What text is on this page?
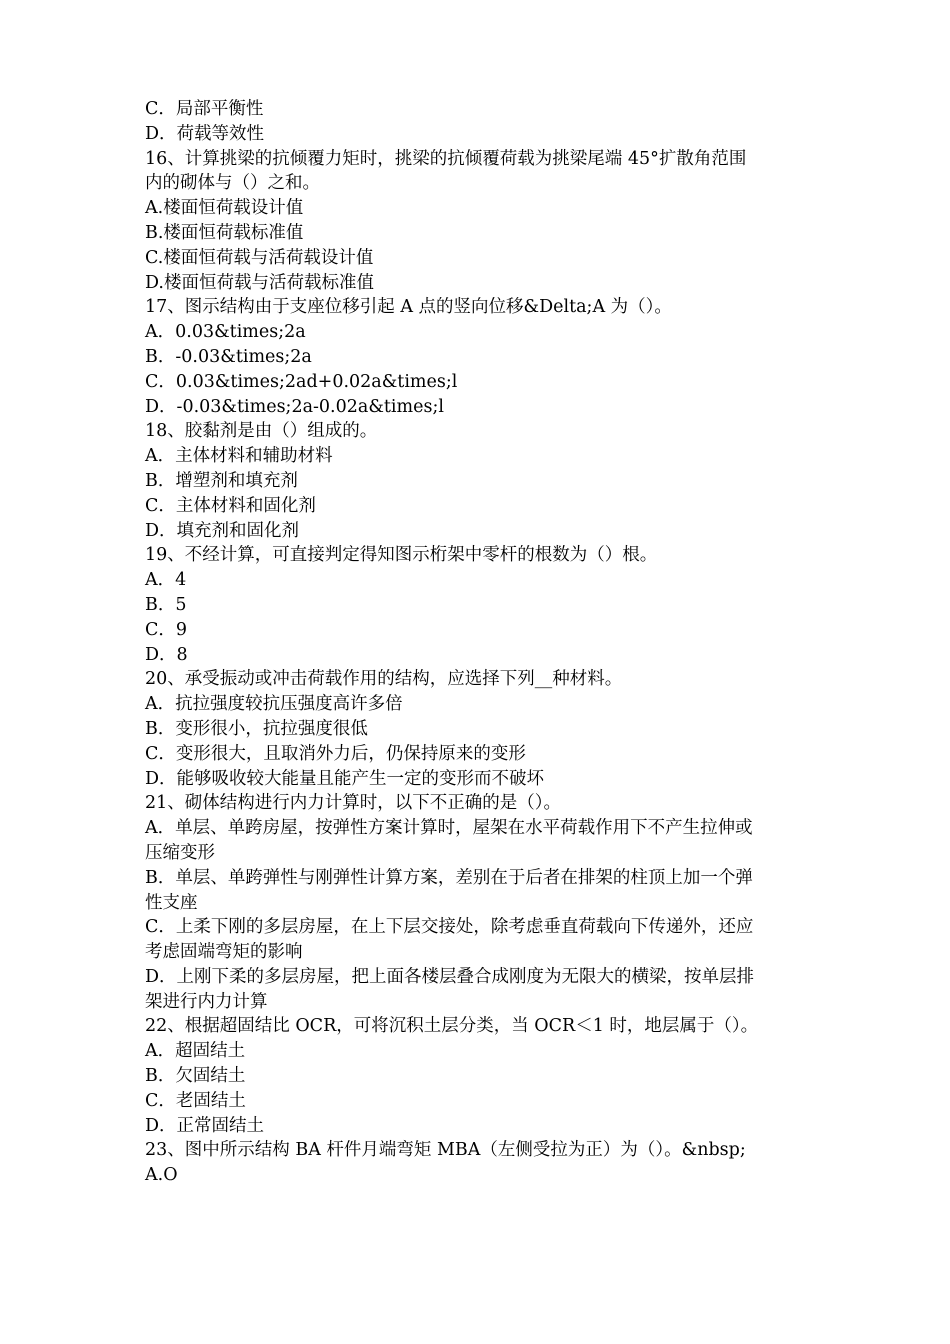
C．局部平衡性
D．荷载等效性
16、计算挑梁的抗倾覆力矩时，挑梁的抗倾覆荷载为挑梁尾端 45°扩散角范围
内的砌体与（）之和。
A.楼面恒荷载设计值
B.楼面恒荷载标准值
C.楼面恒荷载与活荷载设计值
D.楼面恒荷载与活荷载标准值
17、图示结构由于支座位移引起 A 点的竖向位移&Delta;A 为（）。
A．0.03&times;2a
B．-0.03&times;2a
C．0.03&times;2ad+0.02a&times;l
D．-0.03&times;2a-0.02a&times;l
18、胶黏剂是由（）组成的。
A．主体材料和辅助材料
B．增塑剂和填充剂
C．主体材料和固化剂
D．填充剂和固化剂
19、不经计算，可直接判定得知图示桁架中零杆的根数为（）根。
A．4
B．5
C．9
D．8
20、承受振动或冲击荷载作用的结构，应选择下列__种材料。
A．抗拉强度较抗压强度高许多倍
B．变形很小，抗拉强度很低
C．变形很大，且取消外力后，仍保持原来的变形
D．能够吸收较大能量且能产生一定的变形而不破坏
21、砌体结构进行内力计算时，以下不正确的是（）。
A．单层、单跨房屋，按弹性方案计算时，屋架在水平荷载作用下不产生拉伸或
压缩变形
B．单层、单跨弹性与刚弹性计算方案，差别在于后者在排架的柱顶上加一个弹
性支座
C．上柔下刚的多层房屋，在上下层交接处，除考虑垂直荷载向下传递外，还应
考虑固端弯矩的影响
D．上刚下柔的多层房屋，把上面各楼层叠合成刚度为无限大的横梁，按单层排
架进行内力计算
22、根据超固结比 OCR，可将沉积土层分类，当 OCR＜1 时，地层属于（）。
A．超固结土
B．欠固结土
C．老固结土
D．正常固结土
23、图中所示结构 BA 杆件月端弯矩 MBA（左侧受拉为正）为（）。&nbsp;
A.O
